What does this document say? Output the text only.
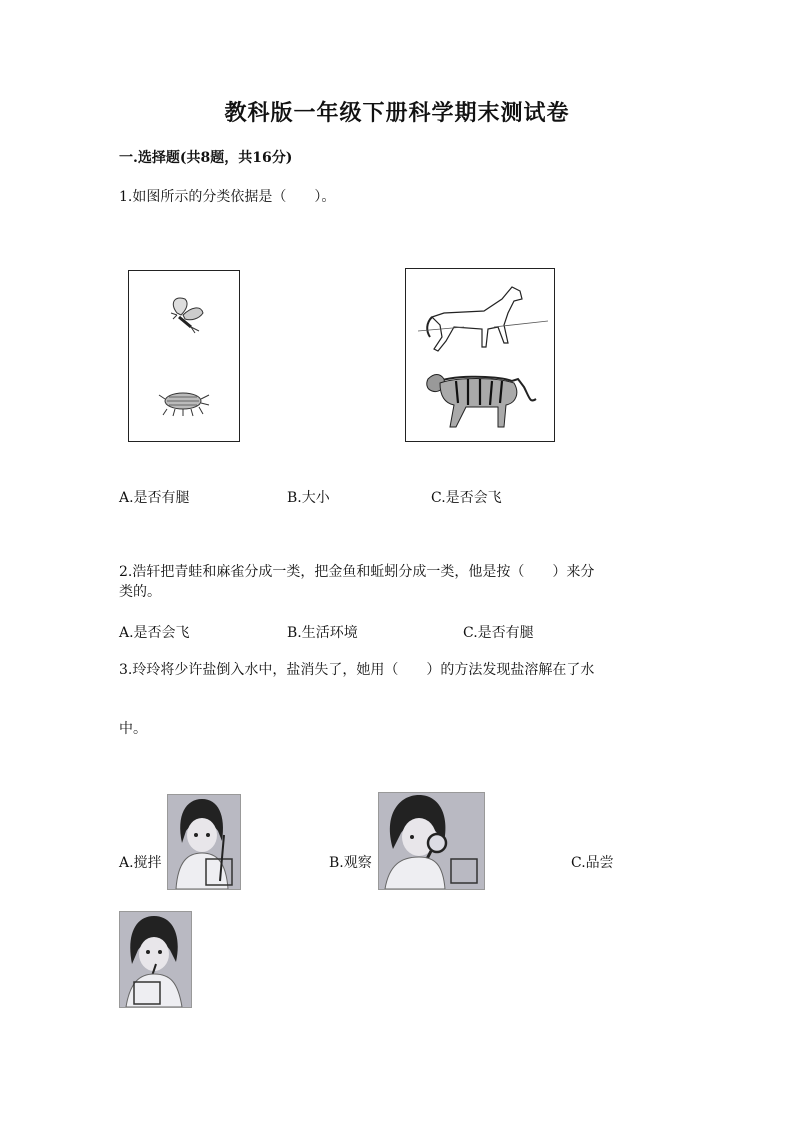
教科版一年级下册科学期末测试卷
一.选择题(共8题，共16分)
1.如图所示的分类依据是（　　）。
A.是否有腿	B.大小	C.是否会飞
2.浩轩把青蛙和麻雀分成一类，把金鱼和蚯蚓分成一类，他是按（　　）来分
类的。
A.是否会飞	B.生活环境	C.是否有腿
3.玲玲将少许盐倒入水中，盐消失了，她用（　　）的方法发现盐溶解在了水
中。
A.搅拌	B.观察	C.品尝
